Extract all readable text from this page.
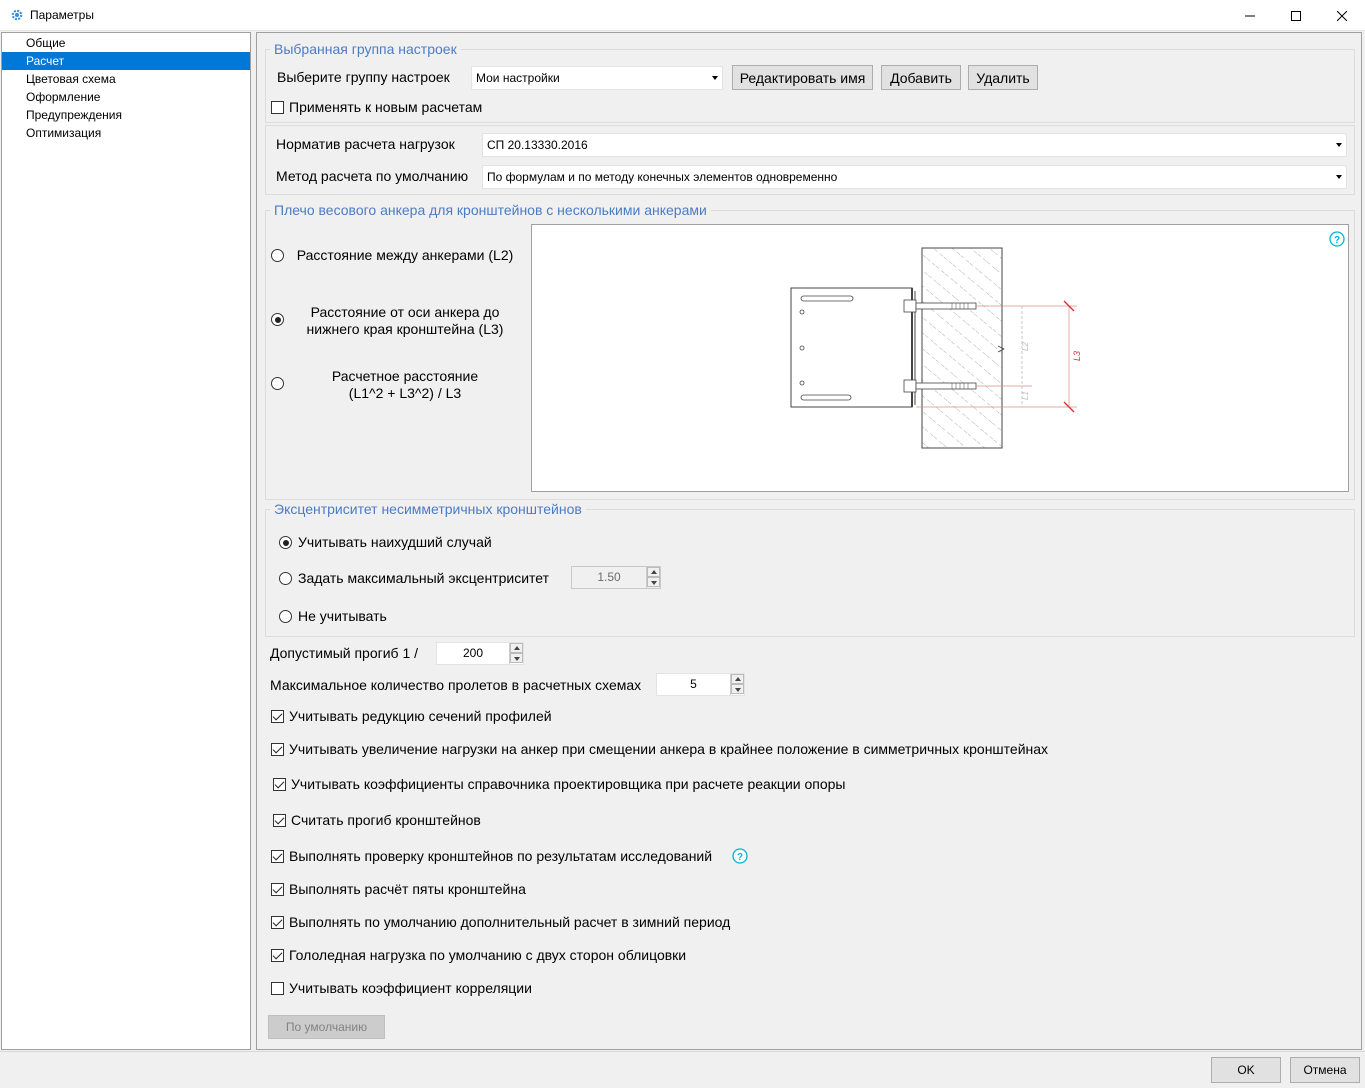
Параметры
Общие
Расчет
Цветовая схема
Оформление
Предупреждения
Оптимизация
Выбранная группа настроек
Выберите группу настроек	Мои настройки	Редактировать имя	Добавить	Удалить
Применять к новым расчетам
Норматив расчета нагрузок	СП 20.13330.2016
Метод расчета по умолчанию	По формулам и по методу конечных элементов одновременно
Плечо весового анкера для кронштейнов с несколькими анкерами
Расстояние между анкерами (L2)
Расстояние от оси анкера до
нижнего края кронштейна (L3)
Расчетное расстояние
(L1^2 + L3^2) / L3
L3
L2
L1
?
Эксцентриситет несимметричных кронштейнов
Учитывать наихудший случай
Задать максимальный эксцентриситет	1.50
Не учитывать
Допустимый прогиб 1 /	200
Максимальное количество пролетов в расчетных схемах	5
Учитывать редукцию сечений профилей
Учитывать увеличение нагрузки на анкер при смещении анкера в крайнее положение в симметричных кронштейнах
Учитывать коэффициенты справочника проектировщика при расчете реакции опоры
Считать прогиб кронштейнов
Выполнять проверку кронштейнов по результатам исследований ?
Выполнять расчёт пяты кронштейна
Выполнять по умолчанию дополнительный расчет в зимний период
Гололедная нагрузка по умолчанию с двух сторон облицовки
Учитывать коэффициент корреляции
По умолчанию
OK	Отмена
